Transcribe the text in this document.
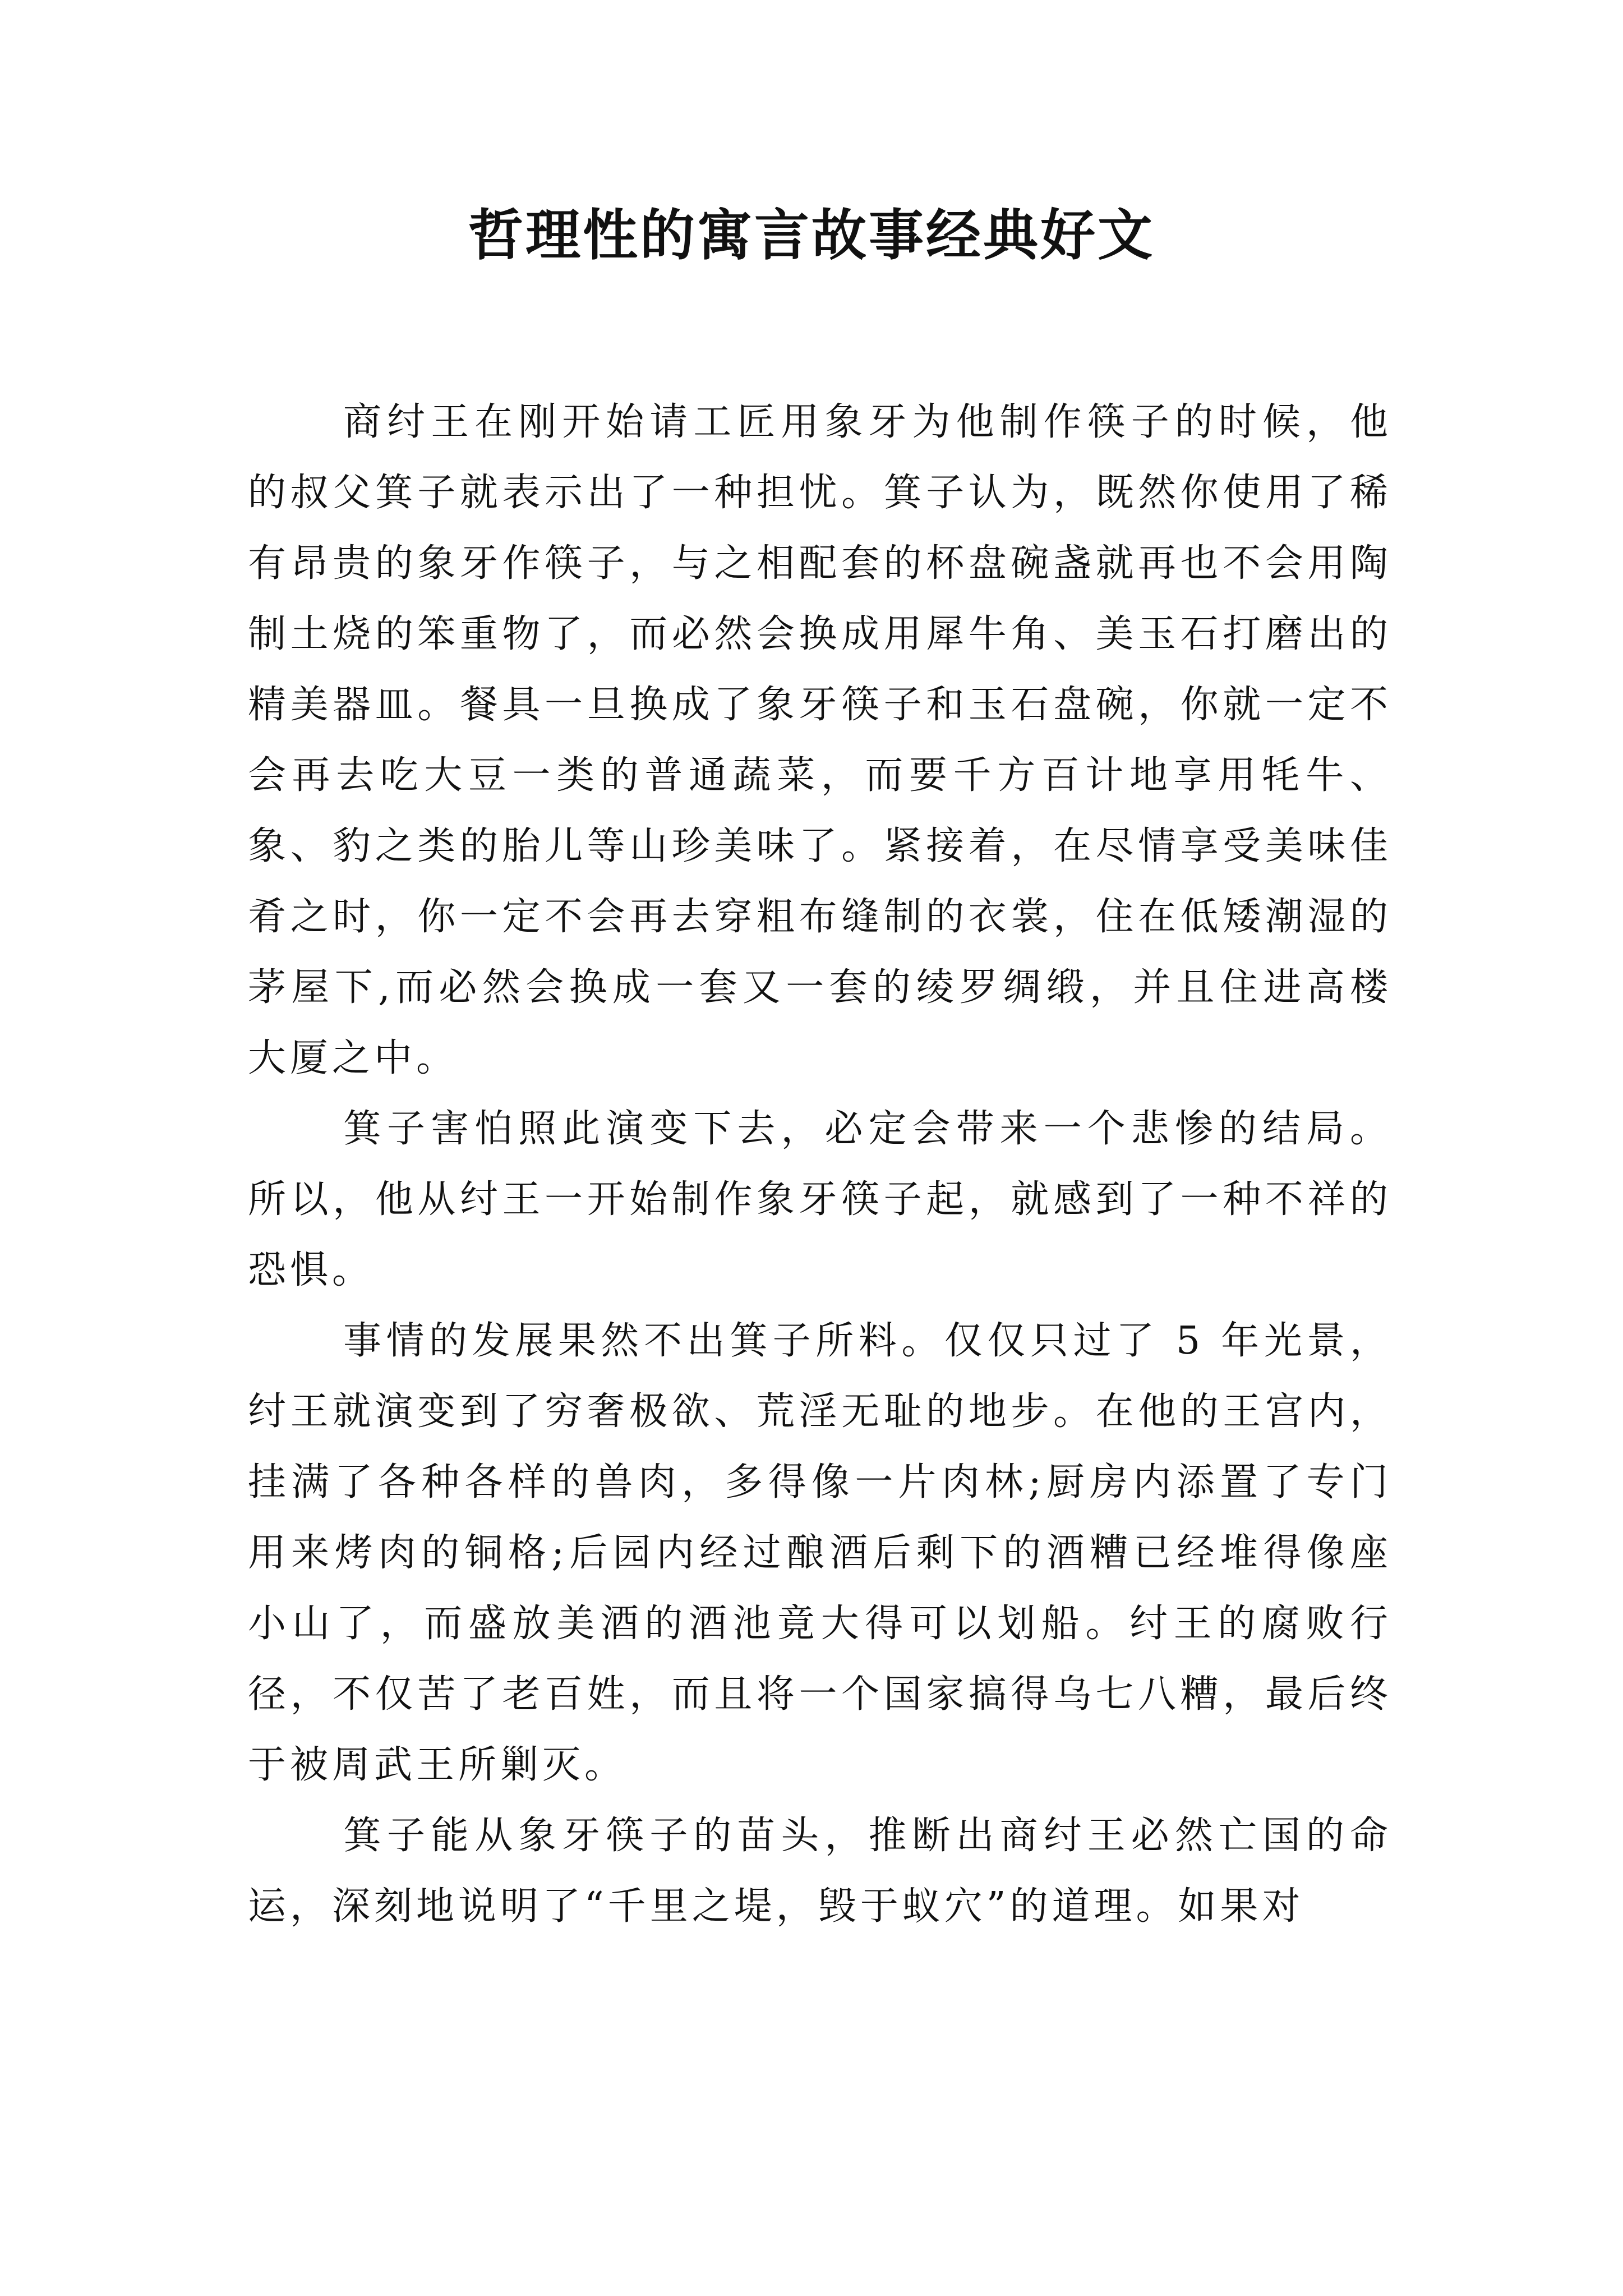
哲理性的寓言故事经典好文

商纣王在刚开始请工匠用象牙为他制作筷子的时候，他的叔父箕子就表示出了一种担忧。箕子认为，既然你使用了稀有昂贵的象牙作筷子，与之相配套的杯盘碗盏就再也不会用陶制土烧的笨重物了，而必然会换成用犀牛角、美玉石打磨出的精美器皿。餐具一旦换成了象牙筷子和玉石盘碗，你就一定不会再去吃大豆一类的普通蔬菜，而要千方百计地享用牦牛、象、豹之类的胎儿等山珍美味了。紧接着，在尽情享受美味佳肴之时，你一定不会再去穿粗布缝制的衣裳，住在低矮潮湿的茅屋下,而必然会换成一套又一套的绫罗绸缎，并且住进高楼大厦之中。

箕子害怕照此演变下去，必定会带来一个悲惨的结局。所以，他从纣王一开始制作象牙筷子起，就感到了一种不祥的恐惧。

事情的发展果然不出箕子所料。仅仅只过了 5 年光景，纣王就演变到了穷奢极欲、荒淫无耻的地步。在他的王宫内，挂满了各种各样的兽肉，多得像一片肉林;厨房内添置了专门用来烤肉的铜格;后园内经过酿酒后剩下的酒糟已经堆得像座小山了，而盛放美酒的酒池竟大得可以划船。纣王的腐败行径，不仅苦了老百姓，而且将一个国家搞得乌七八糟，最后终于被周武王所剿灭。

箕子能从象牙筷子的苗头，推断出商纣王必然亡国的命运，深刻地说明了“千里之堤，毁于蚁穴”的道理。如果对
